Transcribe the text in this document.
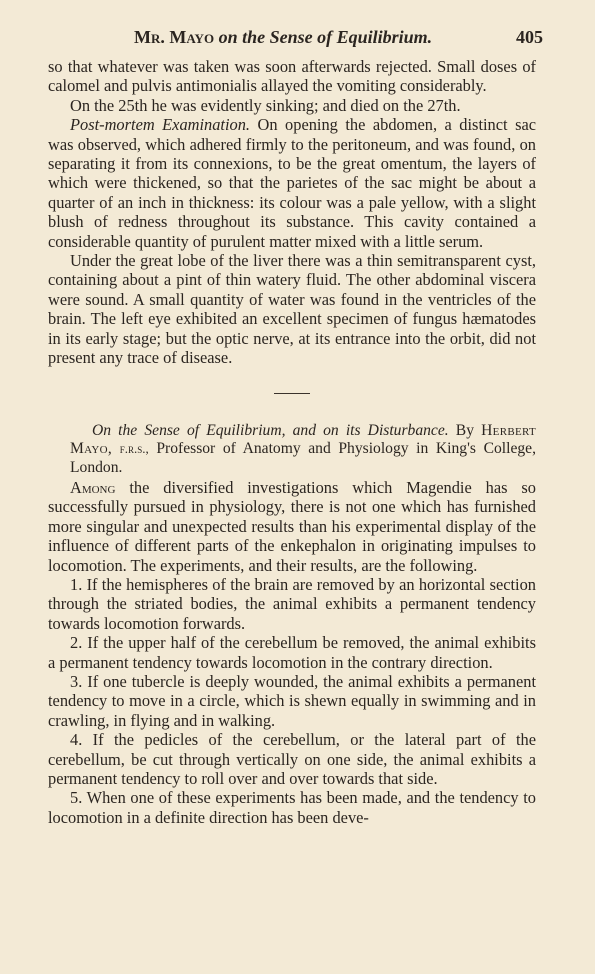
Mr. Mayo on the Sense of Equilibrium.	405

so that whatever was taken was soon afterwards rejected. Small doses of calomel and pulvis antimonialis allayed the vomiting considerably.

On the 25th he was evidently sinking; and died on the 27th.

Post-mortem Examination. On opening the abdomen, a distinct sac was observed, which adhered firmly to the peritoneum, and was found, on separating it from its connexions, to be the great omentum, the layers of which were thickened, so that the parietes of the sac might be about a quarter of an inch in thickness: its colour was a pale yellow, with a slight blush of redness throughout its substance. This cavity contained a considerable quantity of purulent matter mixed with a little serum.

Under the great lobe of the liver there was a thin semitransparent cyst, containing about a pint of thin watery fluid. The other abdominal viscera were sound. A small quantity of water was found in the ventricles of the brain. The left eye exhibited an excellent specimen of fungus hæmatodes in its early stage; but the optic nerve, at its entrance into the orbit, did not present any trace of disease.

On the Sense of Equilibrium, and on its Disturbance. By Herbert Mayo, f.r.s., Professor of Anatomy and Physiology in King's College, London.

Among the diversified investigations which Magendie has so successfully pursued in physiology, there is not one which has furnished more singular and unexpected results than his experimental display of the influence of different parts of the enkephalon in originating impulses to locomotion. The experiments, and their results, are the following.

1. If the hemispheres of the brain are removed by an horizontal section through the striated bodies, the animal exhibits a permanent tendency towards locomotion forwards.

2. If the upper half of the cerebellum be removed, the animal exhibits a permanent tendency towards locomotion in the contrary direction.

3. If one tubercle is deeply wounded, the animal exhibits a permanent tendency to move in a circle, which is shewn equally in swimming and in crawling, in flying and in walking.

4. If the pedicles of the cerebellum, or the lateral part of the cerebellum, be cut through vertically on one side, the animal exhibits a permanent tendency to roll over and over towards that side.

5. When one of these experiments has been made, and the tendency to locomotion in a definite direction has been deve-
